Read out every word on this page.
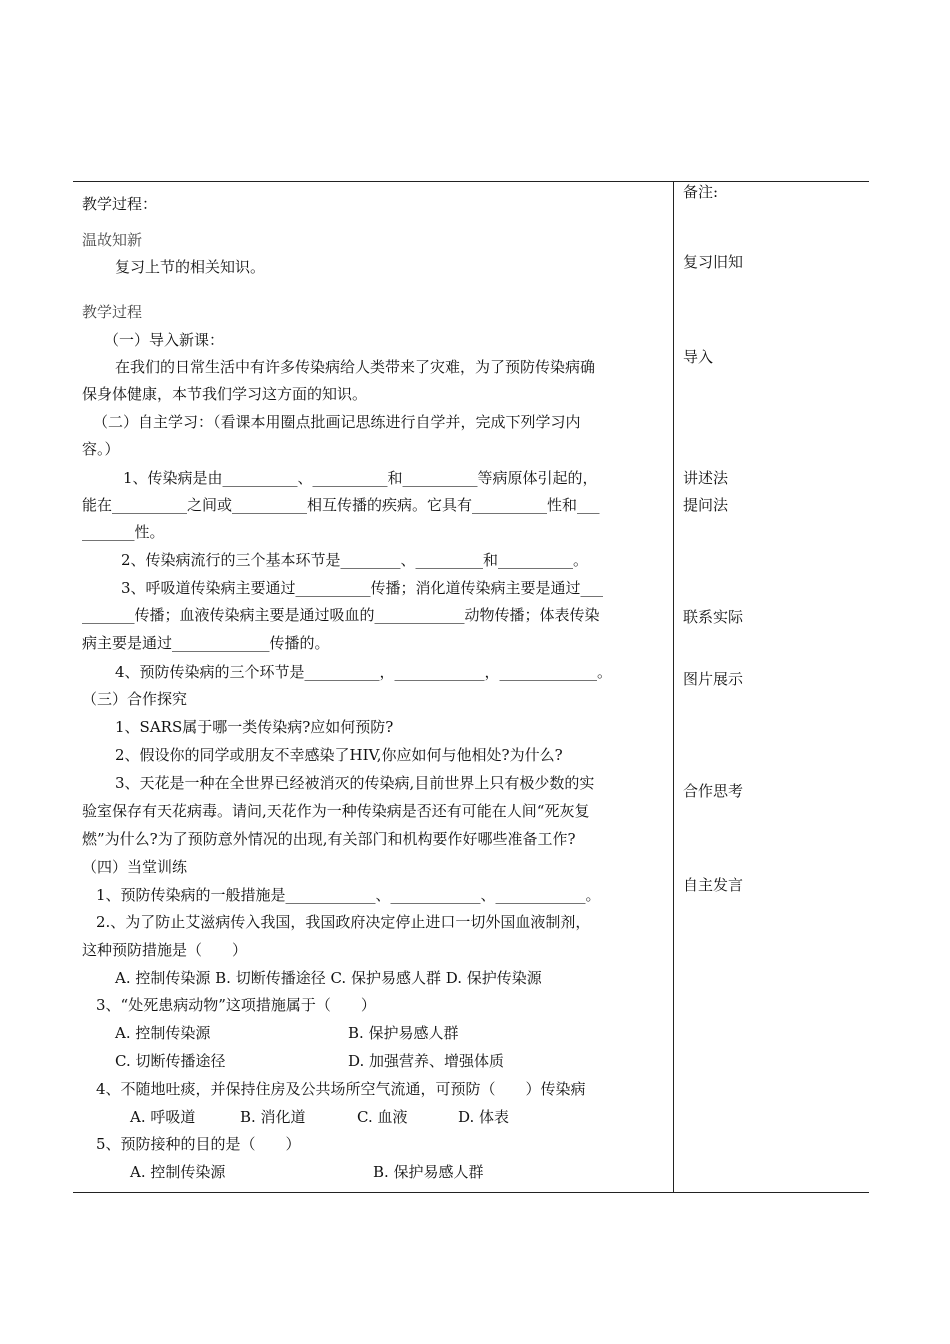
教学过程：
温故知新
复习上节的相关知识。
教学过程
（一）导入新课：
在我们的日常生活中有许多传染病给人类带来了灾难，为了预防传染病确
保身体健康，本节我们学习这方面的知识。
（二）自主学习：（看课本用圈点批画记思练进行自学并，完成下列学习内
容。）
1、传染病是由__________、__________和__________等病原体引起的，
能在__________之间或__________相互传播的疾病。它具有__________性和___
_______性。
2、传染病流行的三个基本环节是________、_________和__________。
3、呼吸道传染病主要通过__________传播；消化道传染病主要是通过___
_______传播；血液传染病主要是通过吸血的____________动物传播；体表传染
病主要是通过_____________传播的。
4、预防传染病的三个环节是__________，____________，_____________。
（三）合作探究
1、SARS属于哪一类传染病?应如何预防?
2、假设你的同学或朋友不幸感染了HIV,你应如何与他相处?为什么?
3、天花是一种在全世界已经被消灭的传染病,目前世界上只有极少数的实
验室保存有天花病毒。请问,天花作为一种传染病是否还有可能在人间“死灰复
燃”为什么?为了预防意外情况的出现,有关部门和机构要作好哪些准备工作?
（四）当堂训练
1、预防传染病的一般措施是____________、____________、____________。
2.、为了防止艾滋病传入我国，我国政府决定停止进口一切外国血液制剂，
这种预防措施是（　　）
A. 控制传染源 B. 切断传播途径 C. 保护易感人群 D. 保护传染源
3、“处死患病动物”这项措施属于（　　）
A. 控制传染源	B. 保护易感人群
C. 切断传播途径	D. 加强营养、增强体质
4、不随地吐痰，并保持住房及公共场所空气流通，可预防（　　）传染病
A. 呼吸道	B. 消化道	C. 血液	D. 体表
5、预防接种的目的是（　　）
A. 控制传染源	B. 保护易感人群
备注:
复习旧知
导入
讲述法
提问法
联系实际
图片展示
合作思考
自主发言
